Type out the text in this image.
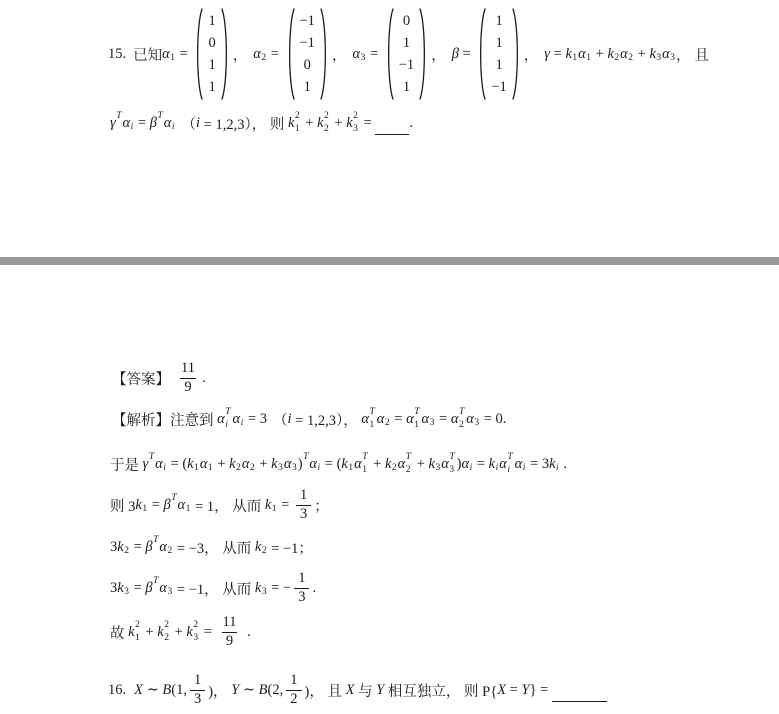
15. 已知 α 1 =
1
0
1
1
， α 2 =
−1
−1
0
1
， α 3 =
0
1
−1
1
， β =
1
1
1
−1
， γ = k 1 α 1 + k 2 α 2 + k 3 α 3 ， 且
γ T α i = β T α i （ i = 1,2,3）， 则 k 2
1 + k 2
2 + k 2
3 = .
【答案】 $\frac{11}{9}$ .
【解析】注意到 α T
i α i = 3 （ i = 1,2,3）， α T
1 α 2 = α T
1 α 3 = α T
2 α 3 = 0.
于是 γ T α i = ( k 1 α 1 + k 2 α 2 + k 3 α 3 ) T α i = ( k 1 α T
1 + k 2 α T
2 + k 3 α T
3 ) α i = k i α T
i α i = 3 k i .
则 3 k 1 = β T α 1 = 1， 从而 k $1 = \frac{1}{3}$ ；
3 k 2 = β T α 2 = −3， 从而 k 2 = −1；
3 k 3 = β T α 3 = −1， 从而 k 3 = − $\frac{1}{3}$ .
故 k 2
1 + k 2
2 + k 2
$3 = \frac{11}{9}$ .
16. X ∼ B (1, $\frac{1}{3}$ )， Y ∼ B (2, $\frac{1}{2}$ )， 且 X 与 Y 相互独立， 则 P{ X = Y } =
